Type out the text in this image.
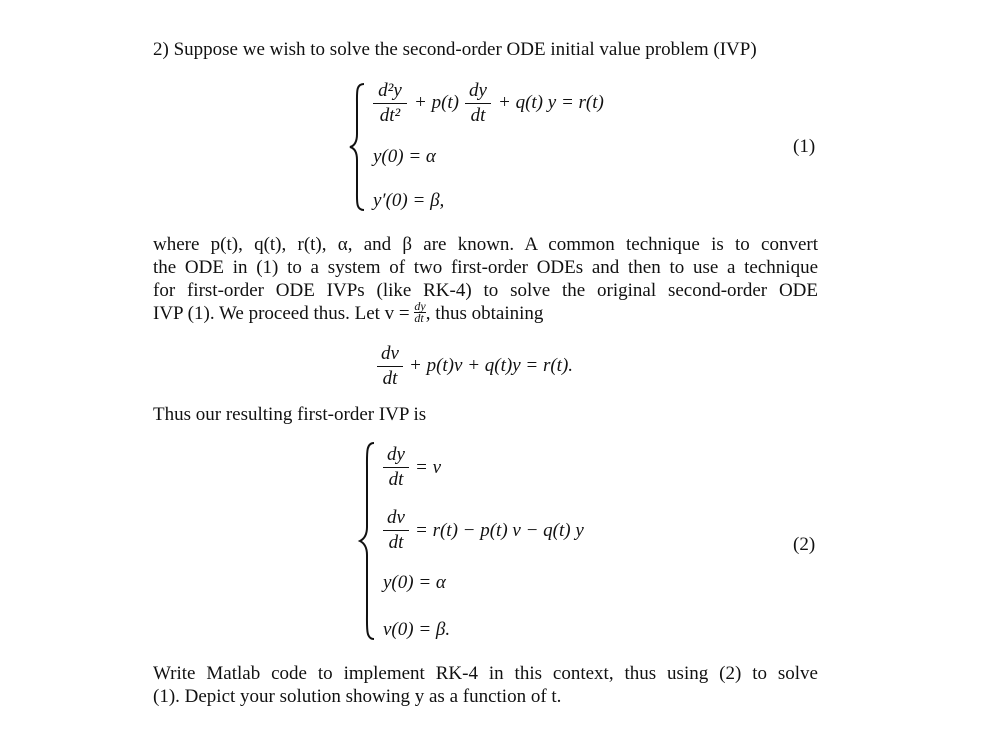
2) Suppose we wish to solve the second-order ODE initial value problem (IVP)
d²y
dt²
+ p(t)
dy
dt
+ q(t) y = r(t)
y(0) = α
y′(0) = β,
(1)
where p(t), q(t), r(t), α, and β are known. A common technique is to convert
the ODE in (1) to a system of two first-order ODEs and then to use a technique
for first-order ODE IVPs (like RK-4) to solve the original second-order ODE
IVP (1). We proceed thus. Let $v = \frac{dy}{dt}$, thus obtaining
dv
dt
+ p(t)v + q(t)y = r(t).
Thus our resulting first-order IVP is
dy
dt
= v
dv
dt
= r(t) − p(t) v − q(t) y
y(0) = α
v(0) = β.
(2)
Write Matlab code to implement RK-4 in this context, thus using (2) to solve
(1). Depict your solution showing y as a function of t.
